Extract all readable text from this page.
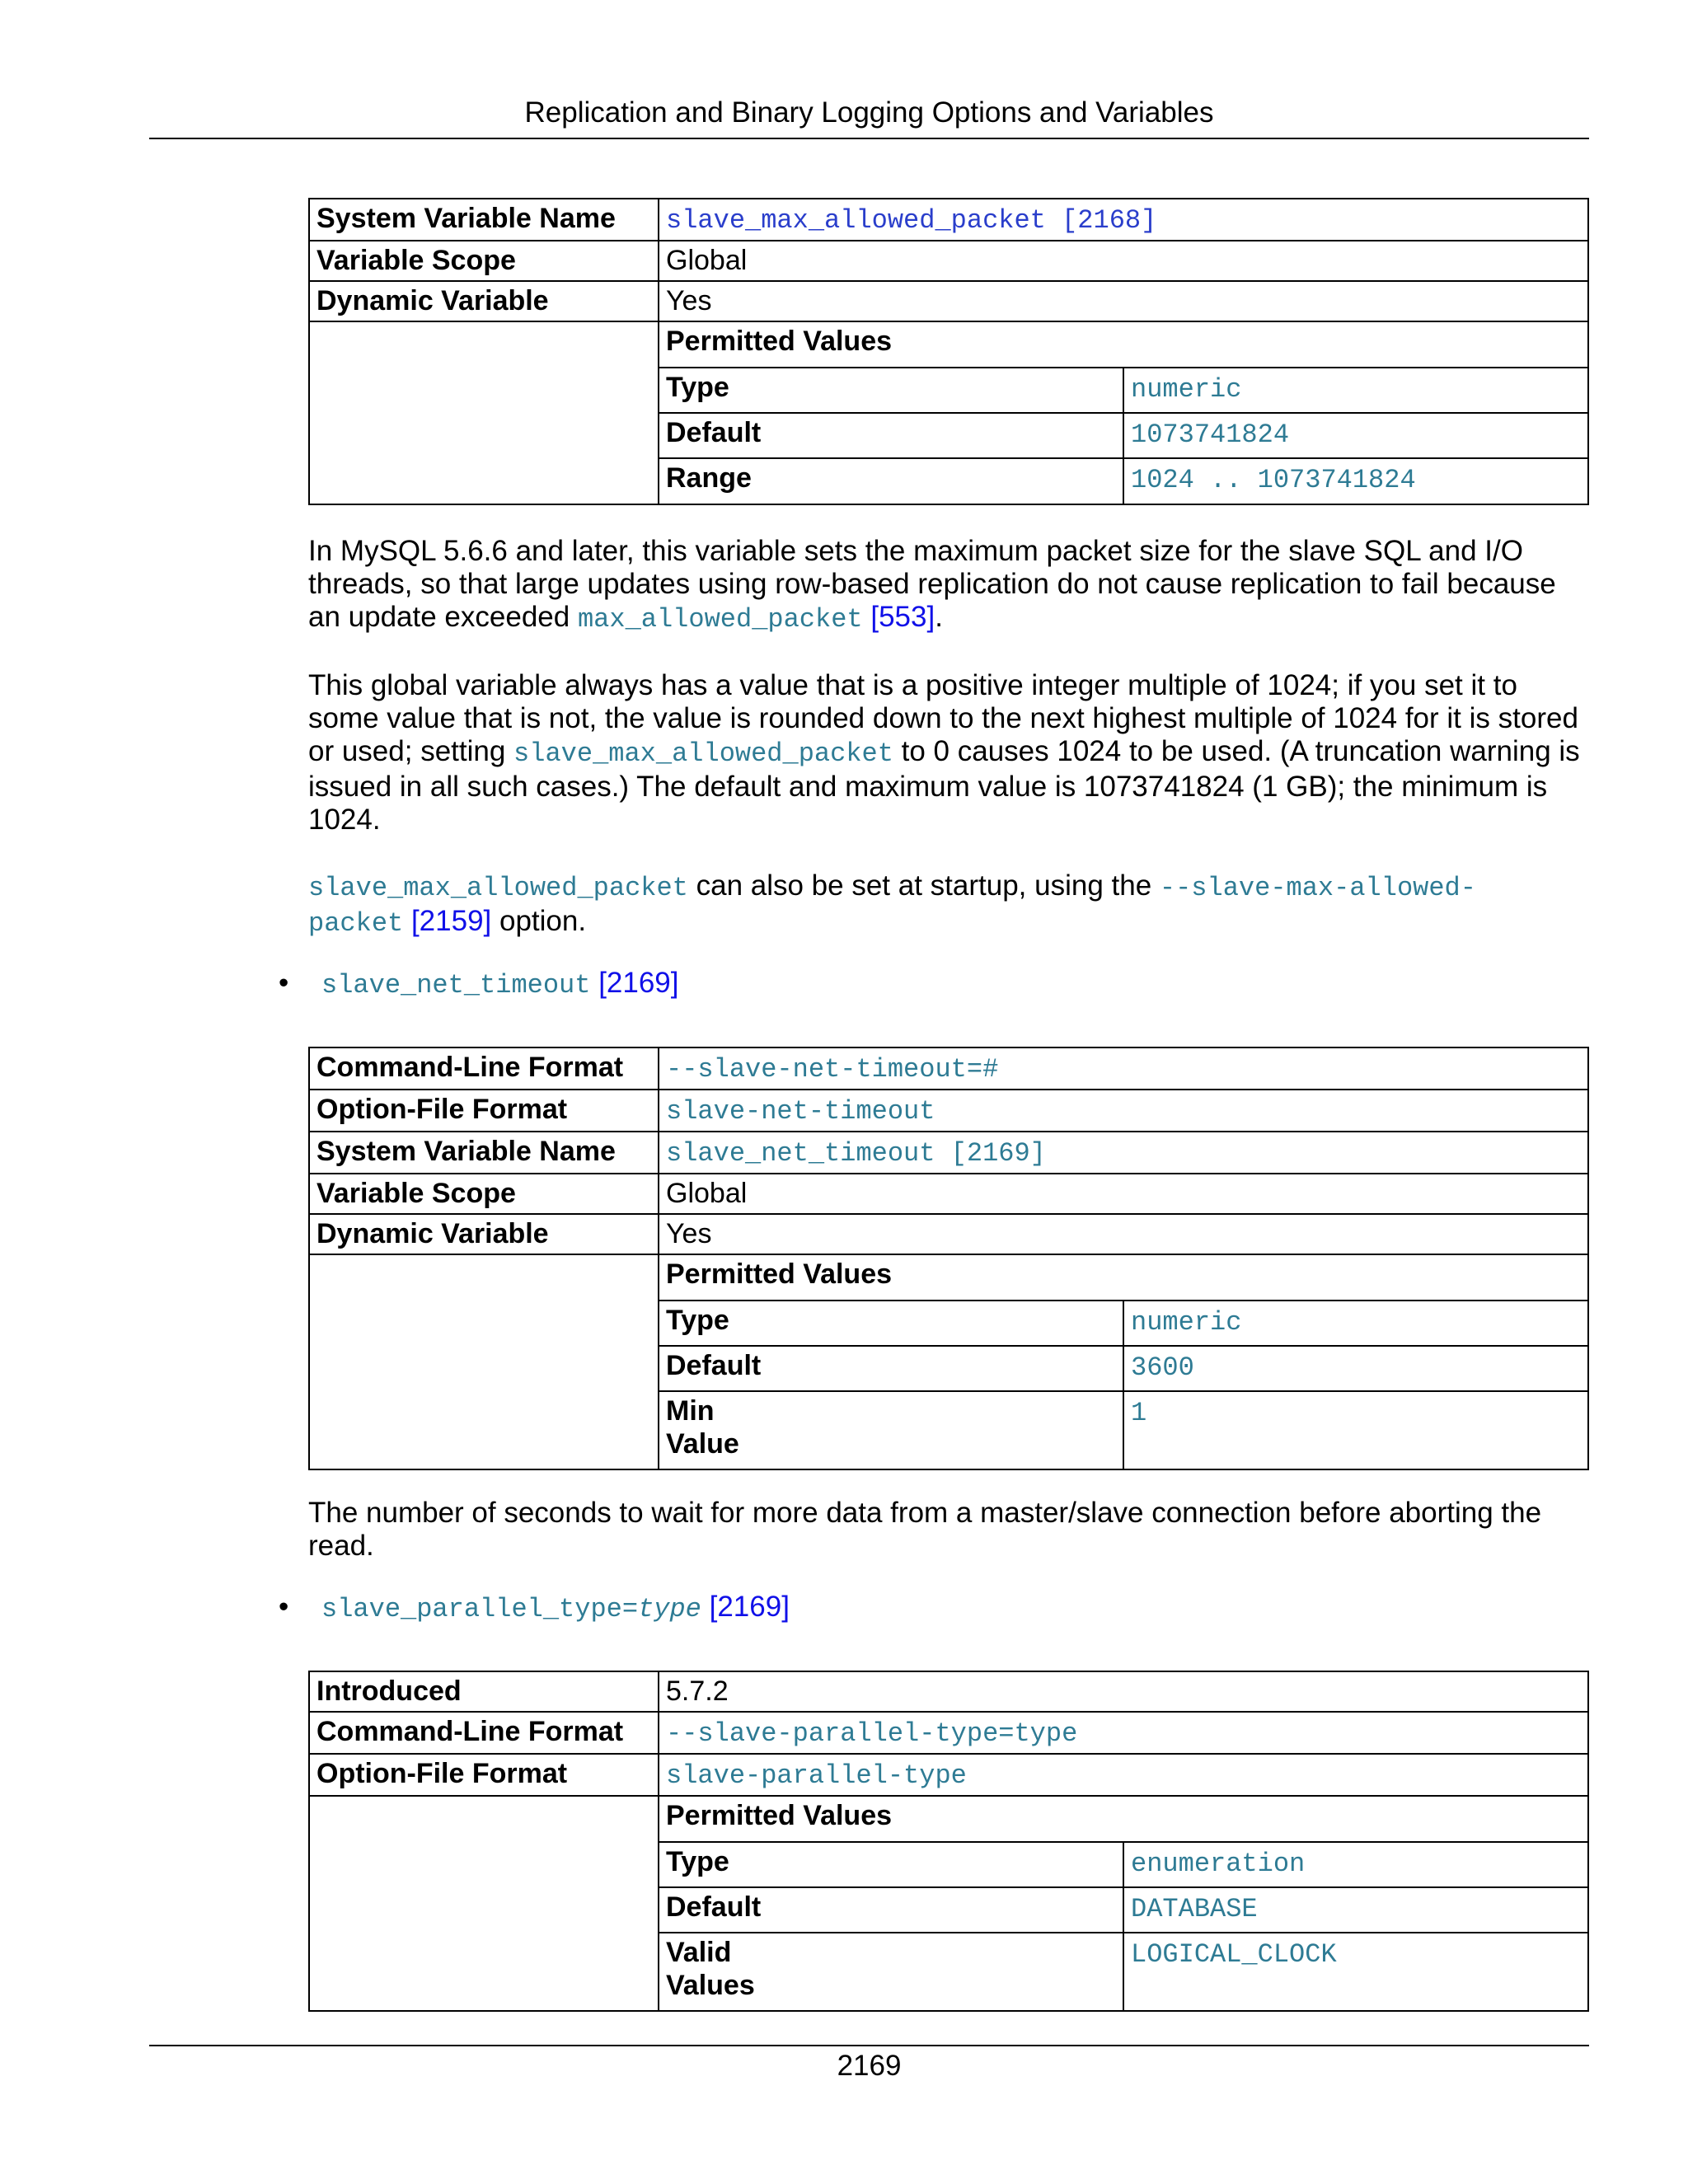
Replication and Binary Logging Options and Variables
System Variable Name	slave_max_allowed_packet [2168]
Variable Scope	Global
Dynamic Variable	Yes

Permitted Values
Type	numeric
Default	1073741824
Range	1024 .. 1073741824

In MySQL 5.6.6 and later, this variable sets the maximum packet size for the slave SQL and I/O threads, so that large updates using row-based replication do not cause replication to fail because an update exceeded max_allowed_packet [553].

This global variable always has a value that is a positive integer multiple of 1024; if you set it to some value that is not, the value is rounded down to the next highest multiple of 1024 for it is stored or used; setting slave_max_allowed_packet to 0 causes 1024 to be used. (A truncation warning is issued in all such cases.) The default and maximum value is 1073741824 (1 GB); the minimum is 1024.

slave_max_allowed_packet can also be set at startup, using the --slave-max-allowed-
packet [2159] option.

• slave_net_timeout [2169]
Command-Line Format	--slave-net-timeout=#
Option-File Format	slave-net-timeout
System Variable Name	slave_net_timeout [2169]
Variable Scope	Global
Dynamic Variable	Yes

Permitted Values
Type	numeric
Default	3600
Min
Value	1

The number of seconds to wait for more data from a master/slave connection before aborting the read.

• slave_parallel_type=type [2169]
Introduced	5.7.2
Command-Line Format	--slave-parallel-type=type
Option-File Format	slave-parallel-type

Permitted Values
Type	enumeration
Default	DATABASE
Valid
Values	LOGICAL_CLOCK
2169
